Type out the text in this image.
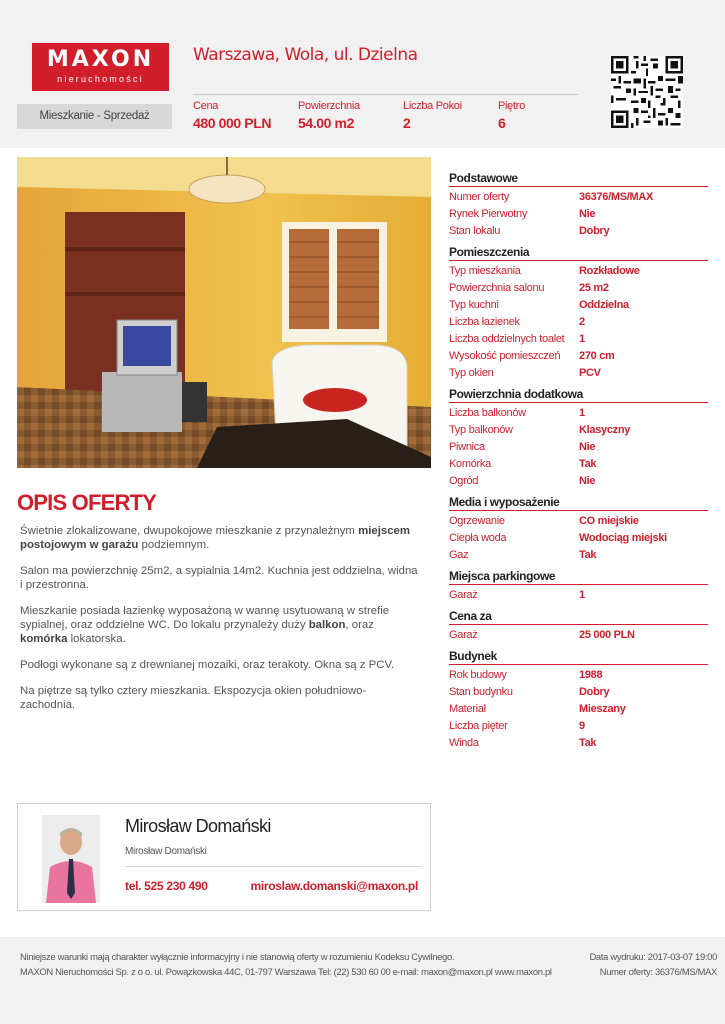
MAXON
nieruchomości
Warszawa, Wola, ul. Dzielna
Mieszkanie - Sprzedaż
Cena
480 000 PLN
Powierzchnia
54.00 m2
Liczba Pokoi
2
Piętro
6
OPIS OFERTY

Świetnie zlokalizowane, dwupokojowe mieszkanie z przynależnym miejscem postojowym w garażu podziemnym.

Salon ma powierzchnię 25m2, a sypialnia 14m2. Kuchnia jest oddzielna, widna i przestronna.

Mieszkanie posiada łazienkę wyposażoną w wannę usytuowaną w strefie sypialnej, oraz oddzielne WC. Do lokalu przynależy duży balkon, oraz komórka lokatorska.

Podłogi wykonane są z drewnianej mozaiki, oraz terakoty. Okna są z PCV.

Na piętrze są tylko cztery mieszkania. Ekspozycja okien południowo-zachodnia.

Podstawowe
Numer oferty	36376/MS/MAX
Rynek Pierwotny	Nie
Stan lokalu	Dobry
Pomieszczenia
Typ mieszkania	Rozkładowe
Powierzchnia salonu	25 m2
Typ kuchni	Oddzielna
Liczba łazienek	2
Liczba oddzielnych toalet 1
Wysokość pomieszczeń 270 cm
Typ okien	PCV
Powierzchnia dodatkowa
Liczba balkonów	1
Typ balkonów	Klasyczny
Piwnica	Nie
Komórka	Tak
Ogród	Nie
Media i wyposażenie
Ogrzewanie	CO miejskie
Ciepła woda	Wodociąg miejski
Gaz	Tak
Miejsca parkingowe
Garaż	1
Cena za
Garaż	25 000 PLN
Budynek
Rok budowy	1988
Stan budynku	Dobry
Materiał	Mieszany
Liczba pięter	9
Winda	Tak
Mirosław Domański
Mirosław Domański
tel. 525 230 490	miroslaw.domanski@maxon.pl
Niniejsze warunki mają charakter wyłącznie informacyjny i nie stanowią oferty w rozumieniu Kodeksu Cywilnego.
MAXON Nieruchomości Sp. z o o. ul. Powązkowska 44C, 01-797 Warszawa Tel: (22) 530 60 00 e-mail: maxon@maxon.pl www.maxon.pl
Data wydruku: 2017-03-07 19:00
Numer oferty: 36376/MS/MAX
